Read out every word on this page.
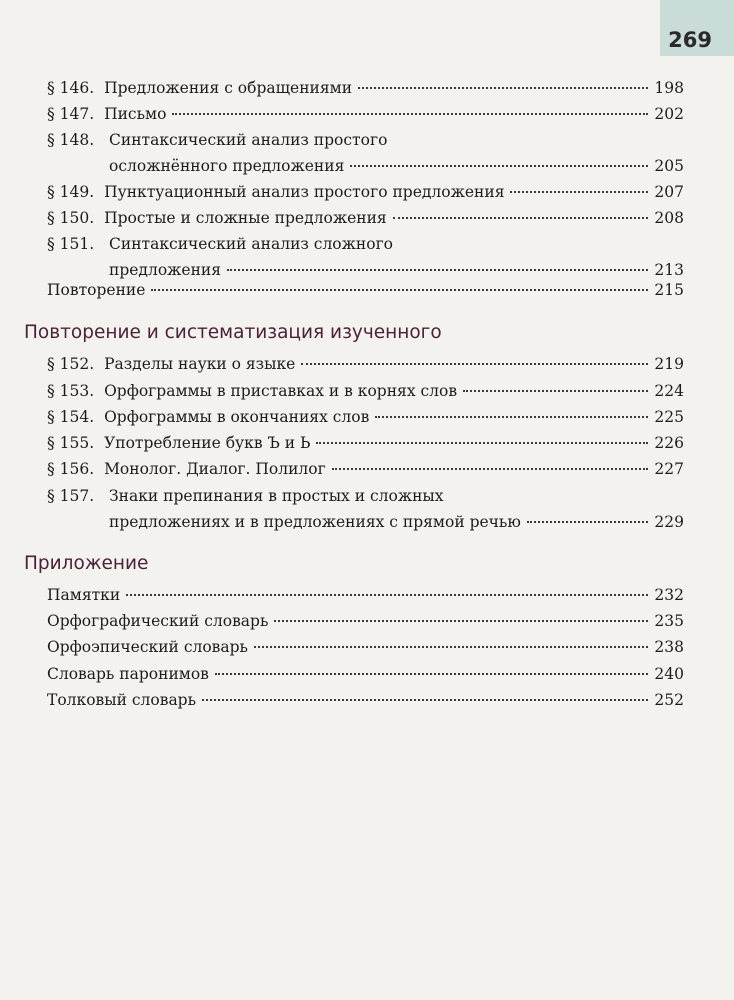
269
§ 146. Предложения с обращениями	198
§ 147. Письмо	202
§ 148. Синтаксический анализ простого
осложнённого предложения	205
§ 149. Пунктуационный анализ простого предложения	207
§ 150. Простые и сложные предложения	208
§ 151. Синтаксический анализ сложного
предложения	213
Повторение	215
Повторение и систематизация изученного
§ 152. Разделы науки о языке	219
§ 153. Орфограммы в приставках и в корнях слов	224
§ 154. Орфограммы в окончаниях слов	225
§ 155. Употребление букв Ъ и Ь	226
§ 156. Монолог. Диалог. Полилог	227
§ 157. Знаки препинания в простых и сложных
предложениях и в предложениях с прямой речью	229
Приложение
Памятки	232
Орфографический словарь	235
Орфоэпический словарь	238
Словарь паронимов	240
Толковый словарь	252
